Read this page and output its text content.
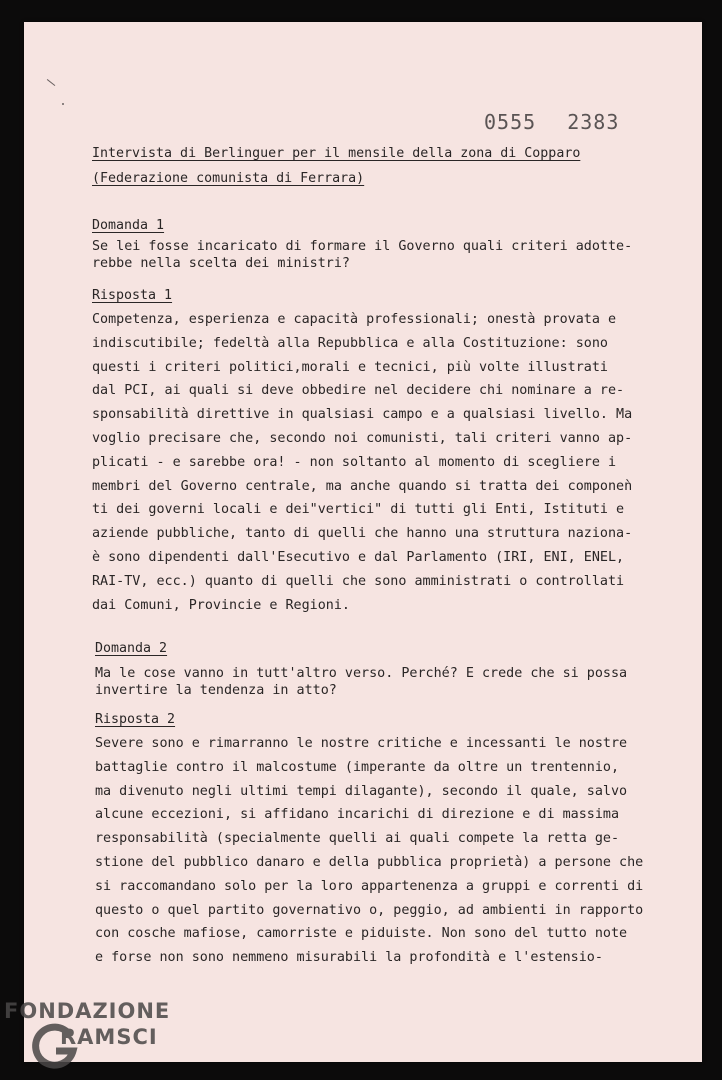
0555 2383
Intervista di Berlinguer per il mensile della zona di Copparo
(Federazione comunista di Ferrara)
Domanda 1
Se lei fosse incaricato di formare il Governo quali criteri adotte-
rebbe nella scelta dei ministri?
Risposta 1
Competenza, esperienza e capacità professionali; onestà provata e
indiscutibile; fedeltà alla Repubblica e alla Costituzione: sono
questi i criteri politici,morali e tecnici, più volte illustrati
dal PCI, ai quali si deve obbedire nel decidere chi nominare a re-
sponsabilità direttive in qualsiasi campo e a qualsiasi livello. Ma
voglio precisare che, secondo noi comunisti, tali criteri vanno ap-
plicati - e sarebbe ora! - non soltanto al momento di scegliere i
membri del Governo centrale, ma anche quando si tratta dei componeǹ
ti dei governi locali e dei"vertici" di tutti gli Enti, Istituti e
aziende pubbliche, tanto di quelli che hanno una struttura naziona-
è sono dipendenti dall'Esecutivo e dal Parlamento (IRI, ENI, ENEL,
RAI-TV, ecc.) quanto di quelli che sono amministrati o controllati
dai Comuni, Provincie e Regioni.
Domanda 2
Ma le cose vanno in tutt'altro verso. Perché? E crede che si possa
invertire la tendenza in atto?
Risposta 2
Severe sono e rimarranno le nostre critiche e incessanti le nostre
battaglie contro il malcostume (imperante da oltre un trentennio,
ma divenuto negli ultimi tempi dilagante), secondo il quale, salvo
alcune eccezioni, si affidano incarichi di direzione e di massima
responsabilità (specialmente quelli ai quali compete la retta ge-
stione del pubblico danaro e della pubblica proprietà) a persone che
si raccomandano solo per la loro appartenenza a gruppi e correnti di
questo o quel partito governativo o, peggio, ad ambienti in rapporto
con cosche mafiose, camorriste e piduiste. Non sono del tutto note
e forse non sono nemmeno misurabili la profondità e l'estensio-
FONDAZIONE
RAMSCI
